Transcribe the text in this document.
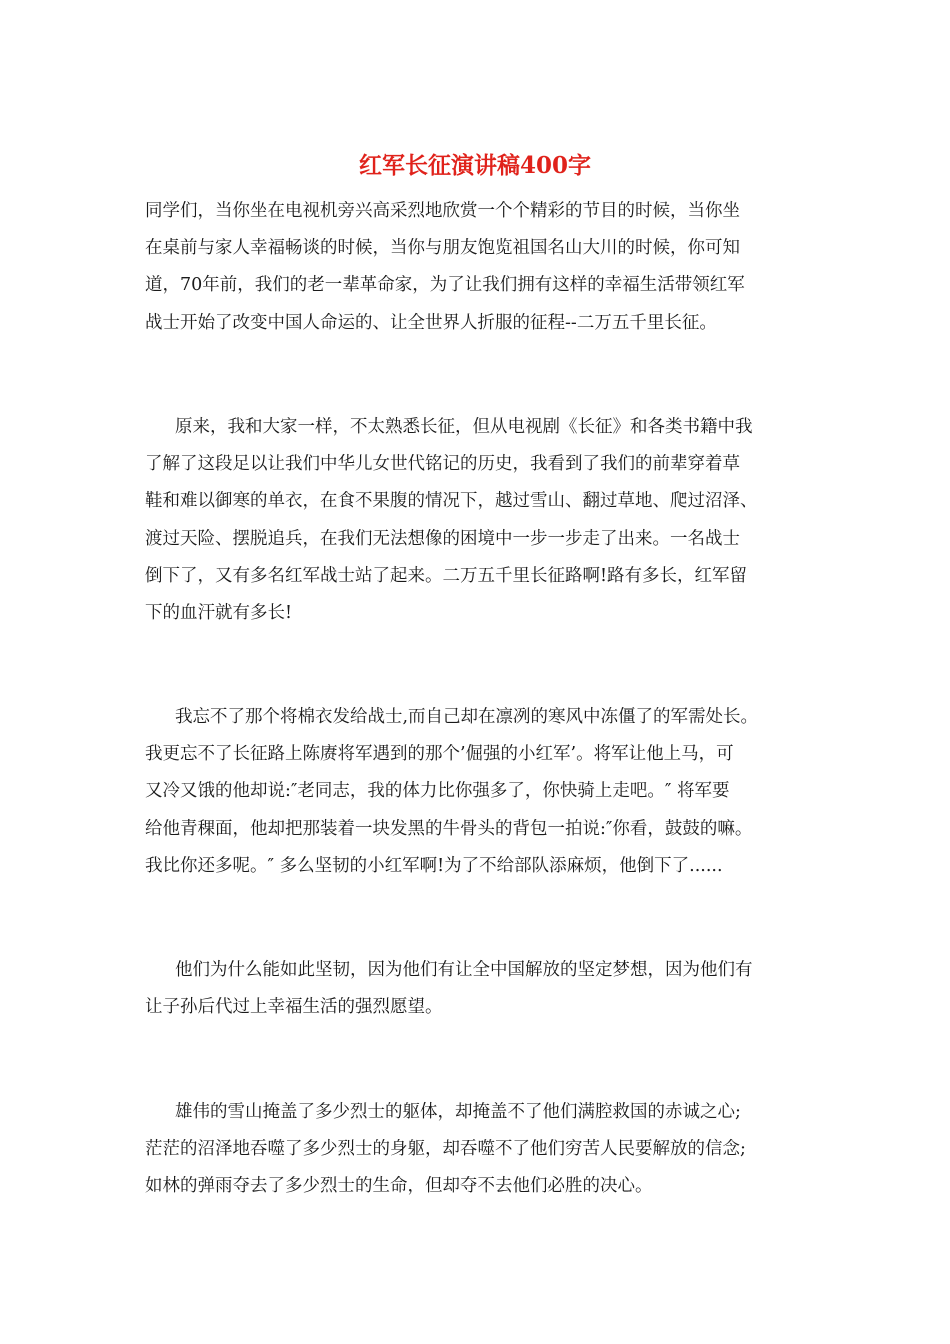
红军长征演讲稿400字
同学们，当你坐在电视机旁兴高采烈地欣赏一个个精彩的节目的时候，当你坐
在桌前与家人幸福畅谈的时候，当你与朋友饱览祖国名山大川的时候，你可知
道，70年前，我们的老一辈革命家，为了让我们拥有这样的幸福生活带领红军
战士开始了改变中国人命运的、让全世界人折服的征程--二万五千里长征。
原来，我和大家一样，不太熟悉长征，但从电视剧《长征》和各类书籍中我
了解了这段足以让我们中华儿女世代铭记的历史，我看到了我们的前辈穿着草
鞋和难以御寒的单衣，在食不果腹的情况下，越过雪山、翻过草地、爬过沼泽、
渡过天险、摆脱追兵，在我们无法想像的困境中一步一步走了出来。一名战士
倒下了，又有多名红军战士站了起来。二万五千里长征路啊!路有多长，红军留
下的血汗就有多长!
我忘不了那个将棉衣发给战士,而自己却在凛冽的寒风中冻僵了的军需处长。
我更忘不了长征路上陈赓将军遇到的那个’倔强的小红军’。将军让他上马，可
又冷又饿的他却说:″老同志，我的体力比你强多了，你快骑上走吧。″ 将军要
给他青稞面，他却把那装着一块发黑的牛骨头的背包一拍说:″你看，鼓鼓的嘛。
我比你还多呢。″ 多么坚韧的小红军啊!为了不给部队添麻烦，他倒下了......
他们为什么能如此坚韧，因为他们有让全中国解放的坚定梦想，因为他们有
让子孙后代过上幸福生活的强烈愿望。
雄伟的雪山掩盖了多少烈士的躯体，却掩盖不了他们满腔救国的赤诚之心;
茫茫的沼泽地吞噬了多少烈士的身躯，却吞噬不了他们穷苦人民要解放的信念;
如林的弹雨夺去了多少烈士的生命，但却夺不去他们必胜的决心。
